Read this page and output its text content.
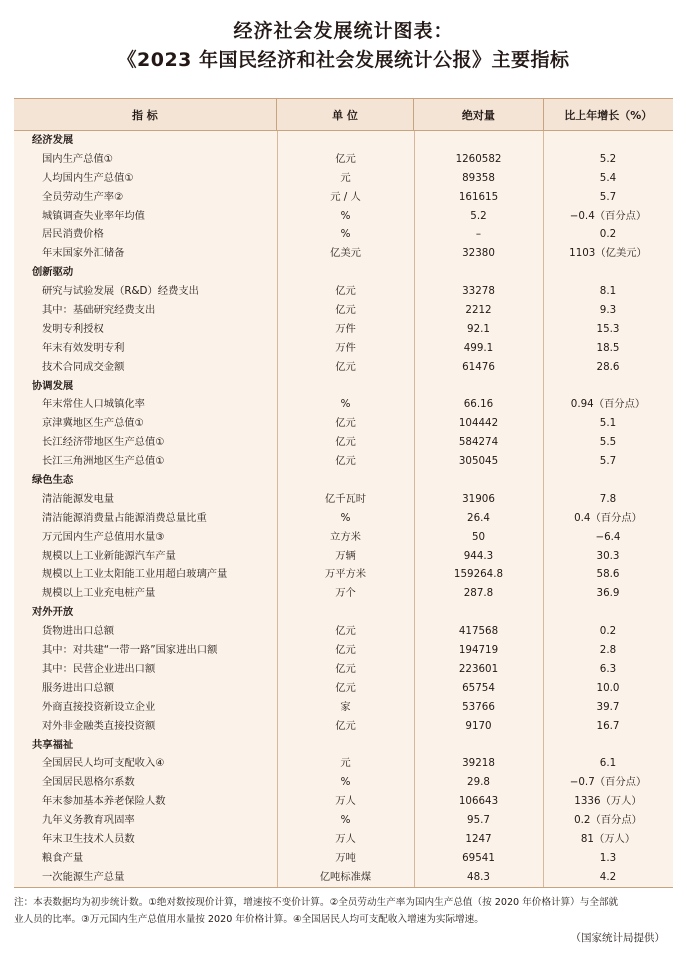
经济社会发展统计图表：
《2023 年国民经济和社会发展统计公报》主要指标
指 标	单 位	绝对量	比上年增长（%）
经济发展
国内生产总值①	亿元	1260582	5.2
人均国内生产总值①	元	89358	5.4
全员劳动生产率②	元 / 人	161615	5.7
城镇调查失业率年均值	%	5.2	−0.4（百分点）
居民消费价格	%	–	0.2
年末国家外汇储备	亿美元	32380	1103（亿美元）
创新驱动
研究与试验发展（R&D）经费支出	亿元	33278	8.1
其中：基础研究经费支出	亿元	2212	9.3
发明专利授权	万件	92.1	15.3
年末有效发明专利	万件	499.1	18.5
技术合同成交金额	亿元	61476	28.6
协调发展
年末常住人口城镇化率	%	66.16	0.94（百分点）
京津冀地区生产总值①	亿元	104442	5.1
长江经济带地区生产总值①	亿元	584274	5.5
长江三角洲地区生产总值①	亿元	305045	5.7
绿色生态
清洁能源发电量	亿千瓦时	31906	7.8
清洁能源消费量占能源消费总量比重	%	26.4	0.4（百分点）
万元国内生产总值用水量③	立方米	50	−6.4
规模以上工业新能源汽车产量	万辆	944.3	30.3
规模以上工业太阳能工业用超白玻璃产量	万平方米	159264.8	58.6
规模以上工业充电桩产量	万个	287.8	36.9
对外开放
货物进出口总额	亿元	417568	0.2
其中：对共建“一带一路”国家进出口额	亿元	194719	2.8
其中：民营企业进出口额	亿元	223601	6.3
服务进出口总额	亿元	65754	10.0
外商直接投资新设立企业	家	53766	39.7
对外非金融类直接投资额	亿元	9170	16.7
共享福祉
全国居民人均可支配收入④	元	39218	6.1
全国居民恩格尔系数	%	29.8	−0.7（百分点）
年末参加基本养老保险人数	万人	106643	1336（万人）
九年义务教育巩固率	%	95.7	0.2（百分点）
年末卫生技术人员数	万人	1247	81（万人）
粮食产量	万吨	69541	1.3
一次能源生产总量	亿吨标准煤	48.3	4.2
注：本表数据均为初步统计数。①绝对数按现价计算，增速按不变价计算。②全员劳动生产率为国内生产总值（按 2020 年价格计算）与全部就
业人员的比率。③万元国内生产总值用水量按 2020 年价格计算。④全国居民人均可支配收入增速为实际增速。
（国家统计局提供）
